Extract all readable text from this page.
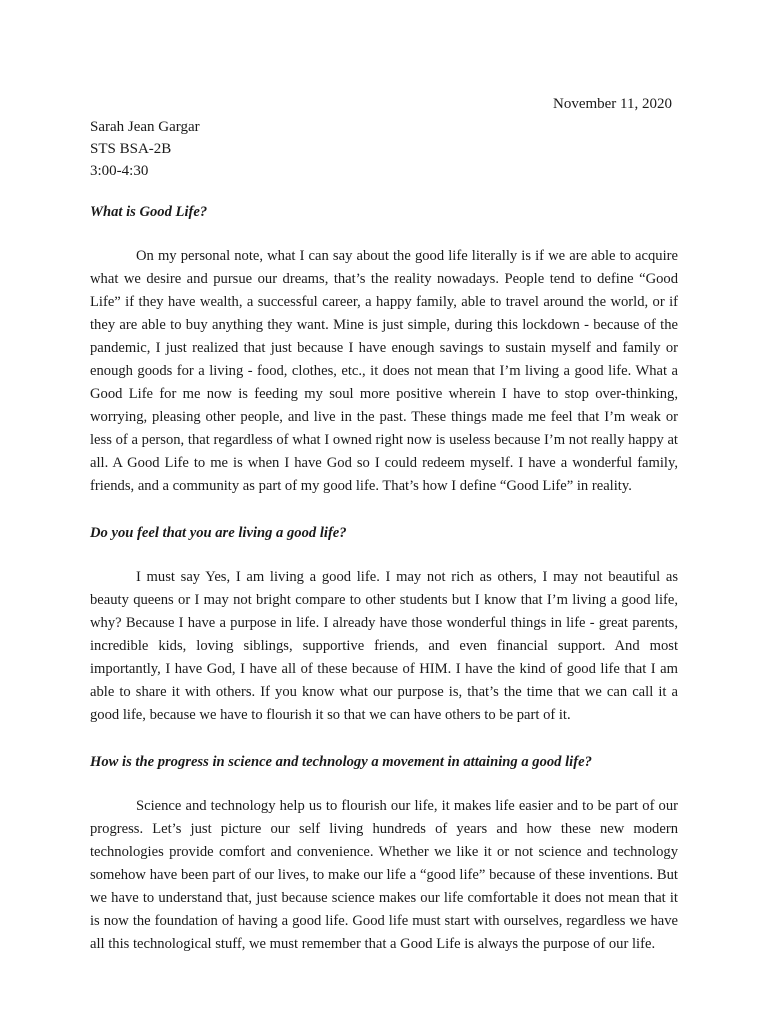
November 11, 2020
Sarah Jean Gargar
STS BSA-2B
3:00-4:30

What is Good Life?

On my personal note, what I can say about the good life literally is if we are able to acquire what we desire and pursue our dreams, that’s the reality nowadays. People tend to define “Good Life” if they have wealth, a successful career, a happy family, able to travel around the world, or if they are able to buy anything they want. Mine is just simple, during this lockdown - because of the pandemic, I just realized that just because I have enough savings to sustain myself and family or enough goods for a living - food, clothes, etc., it does not mean that I’m living a good life. What a Good Life for me now is feeding my soul more positive wherein I have to stop over-thinking, worrying, pleasing other people, and live in the past. These things made me feel that I’m weak or less of a person, that regardless of what I owned right now is useless because I’m not really happy at all. A Good Life to me is when I have God so I could redeem myself. I have a wonderful family, friends, and a community as part of my good life. That’s how I define “Good Life” in reality.

Do you feel that you are living a good life?

I must say Yes, I am living a good life. I may not rich as others, I may not beautiful as beauty queens or I may not bright compare to other students but I know that I’m living a good life, why? Because I have a purpose in life. I already have those wonderful things in life - great parents, incredible kids, loving siblings, supportive friends, and even financial support. And most importantly, I have God, I have all of these because of HIM. I have the kind of good life that I am able to share it with others. If you know what our purpose is, that’s the time that we can call it a good life, because we have to flourish it so that we can have others to be part of it.

How is the progress in science and technology a movement in attaining a good life?

Science and technology help us to flourish our life, it makes life easier and to be part of our progress. Let’s just picture our self living hundreds of years and how these new modern technologies provide comfort and convenience. Whether we like it or not science and technology somehow have been part of our lives, to make our life a “good life” because of these inventions. But we have to understand that, just because science makes our life comfortable it does not mean that it is now the foundation of having a good life. Good life must start with ourselves, regardless we have all this technological stuff, we must remember that a Good Life is always the purpose of our life.
